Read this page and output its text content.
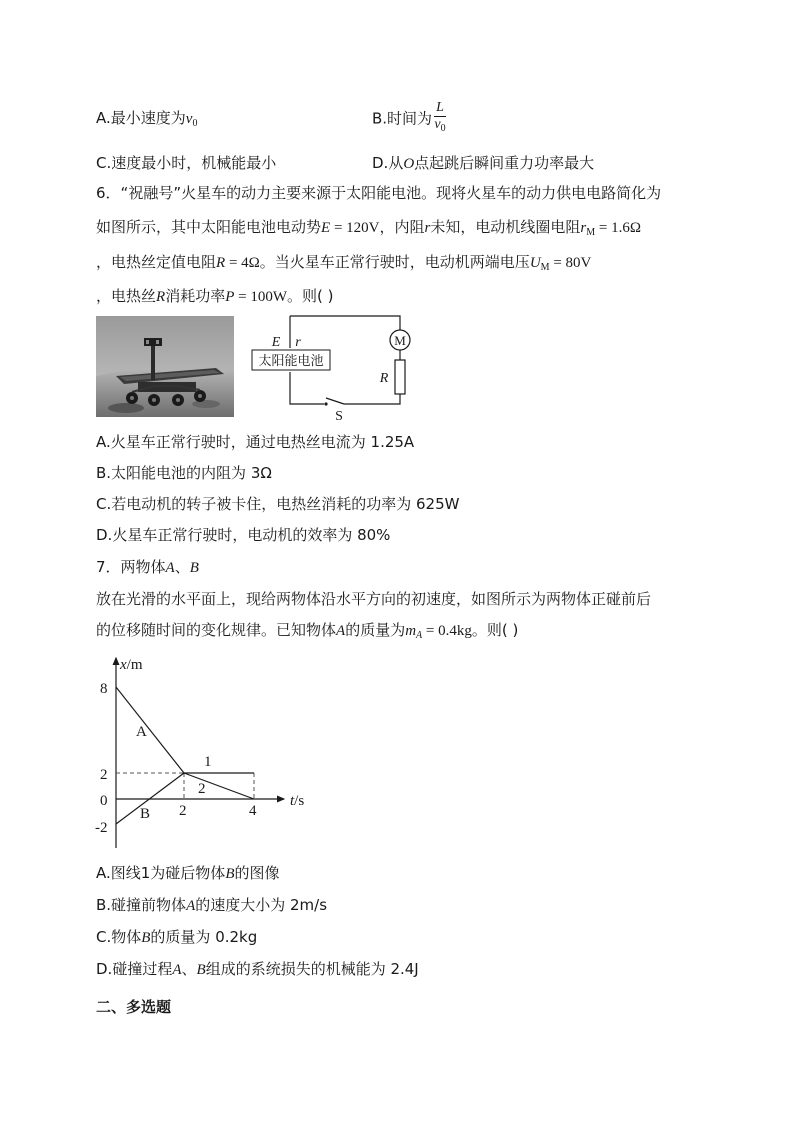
A.最小速度为$v_0$	B.时间为 $\frac{L}{v_0}$
C.速度最小时，机械能最小	D.从O点起跳后瞬间重力功率最大
6．“祝融号”火星车的动力主要来源于太阳能电池。现将火星车的动力供电电路简化为
如图所示，其中太阳能电池电动势E = 120V，内阻r未知，电动机线圈电阻$r_M = 1.6\Omega$
，电热丝定值电阻R = 4Ω。当火星车正常行驶时，电动机两端电压$U_M = 80V$
，电热丝R消耗功率P = 100W。则( )
M
R
太阳能电池
E r
S
A.火星车正常行驶时，通过电热丝电流为 1.25A
B.太阳能电池的内阻为 3Ω
C.若电动机的转子被卡住，电热丝消耗的功率为 625W
D.火星车正常行驶时，电动机的效率为 80%
7．两物体A、B
放在光滑的水平面上，现给两物体沿水平方向的初速度，如图所示为两物体正碰前后
的位移随时间的变化规律。已知物体A的质量为$m_A = 0.4kg$。则( )
x/m
t/s
8
2
0
-2
2	4
A
B
1
2
A.图线1为碰后物体B的图像
B.碰撞前物体A的速度大小为 2m/s
C.物体B的质量为 0.2kg
D.碰撞过程A、B组成的系统损失的机械能为 2.4J
二、多选题
